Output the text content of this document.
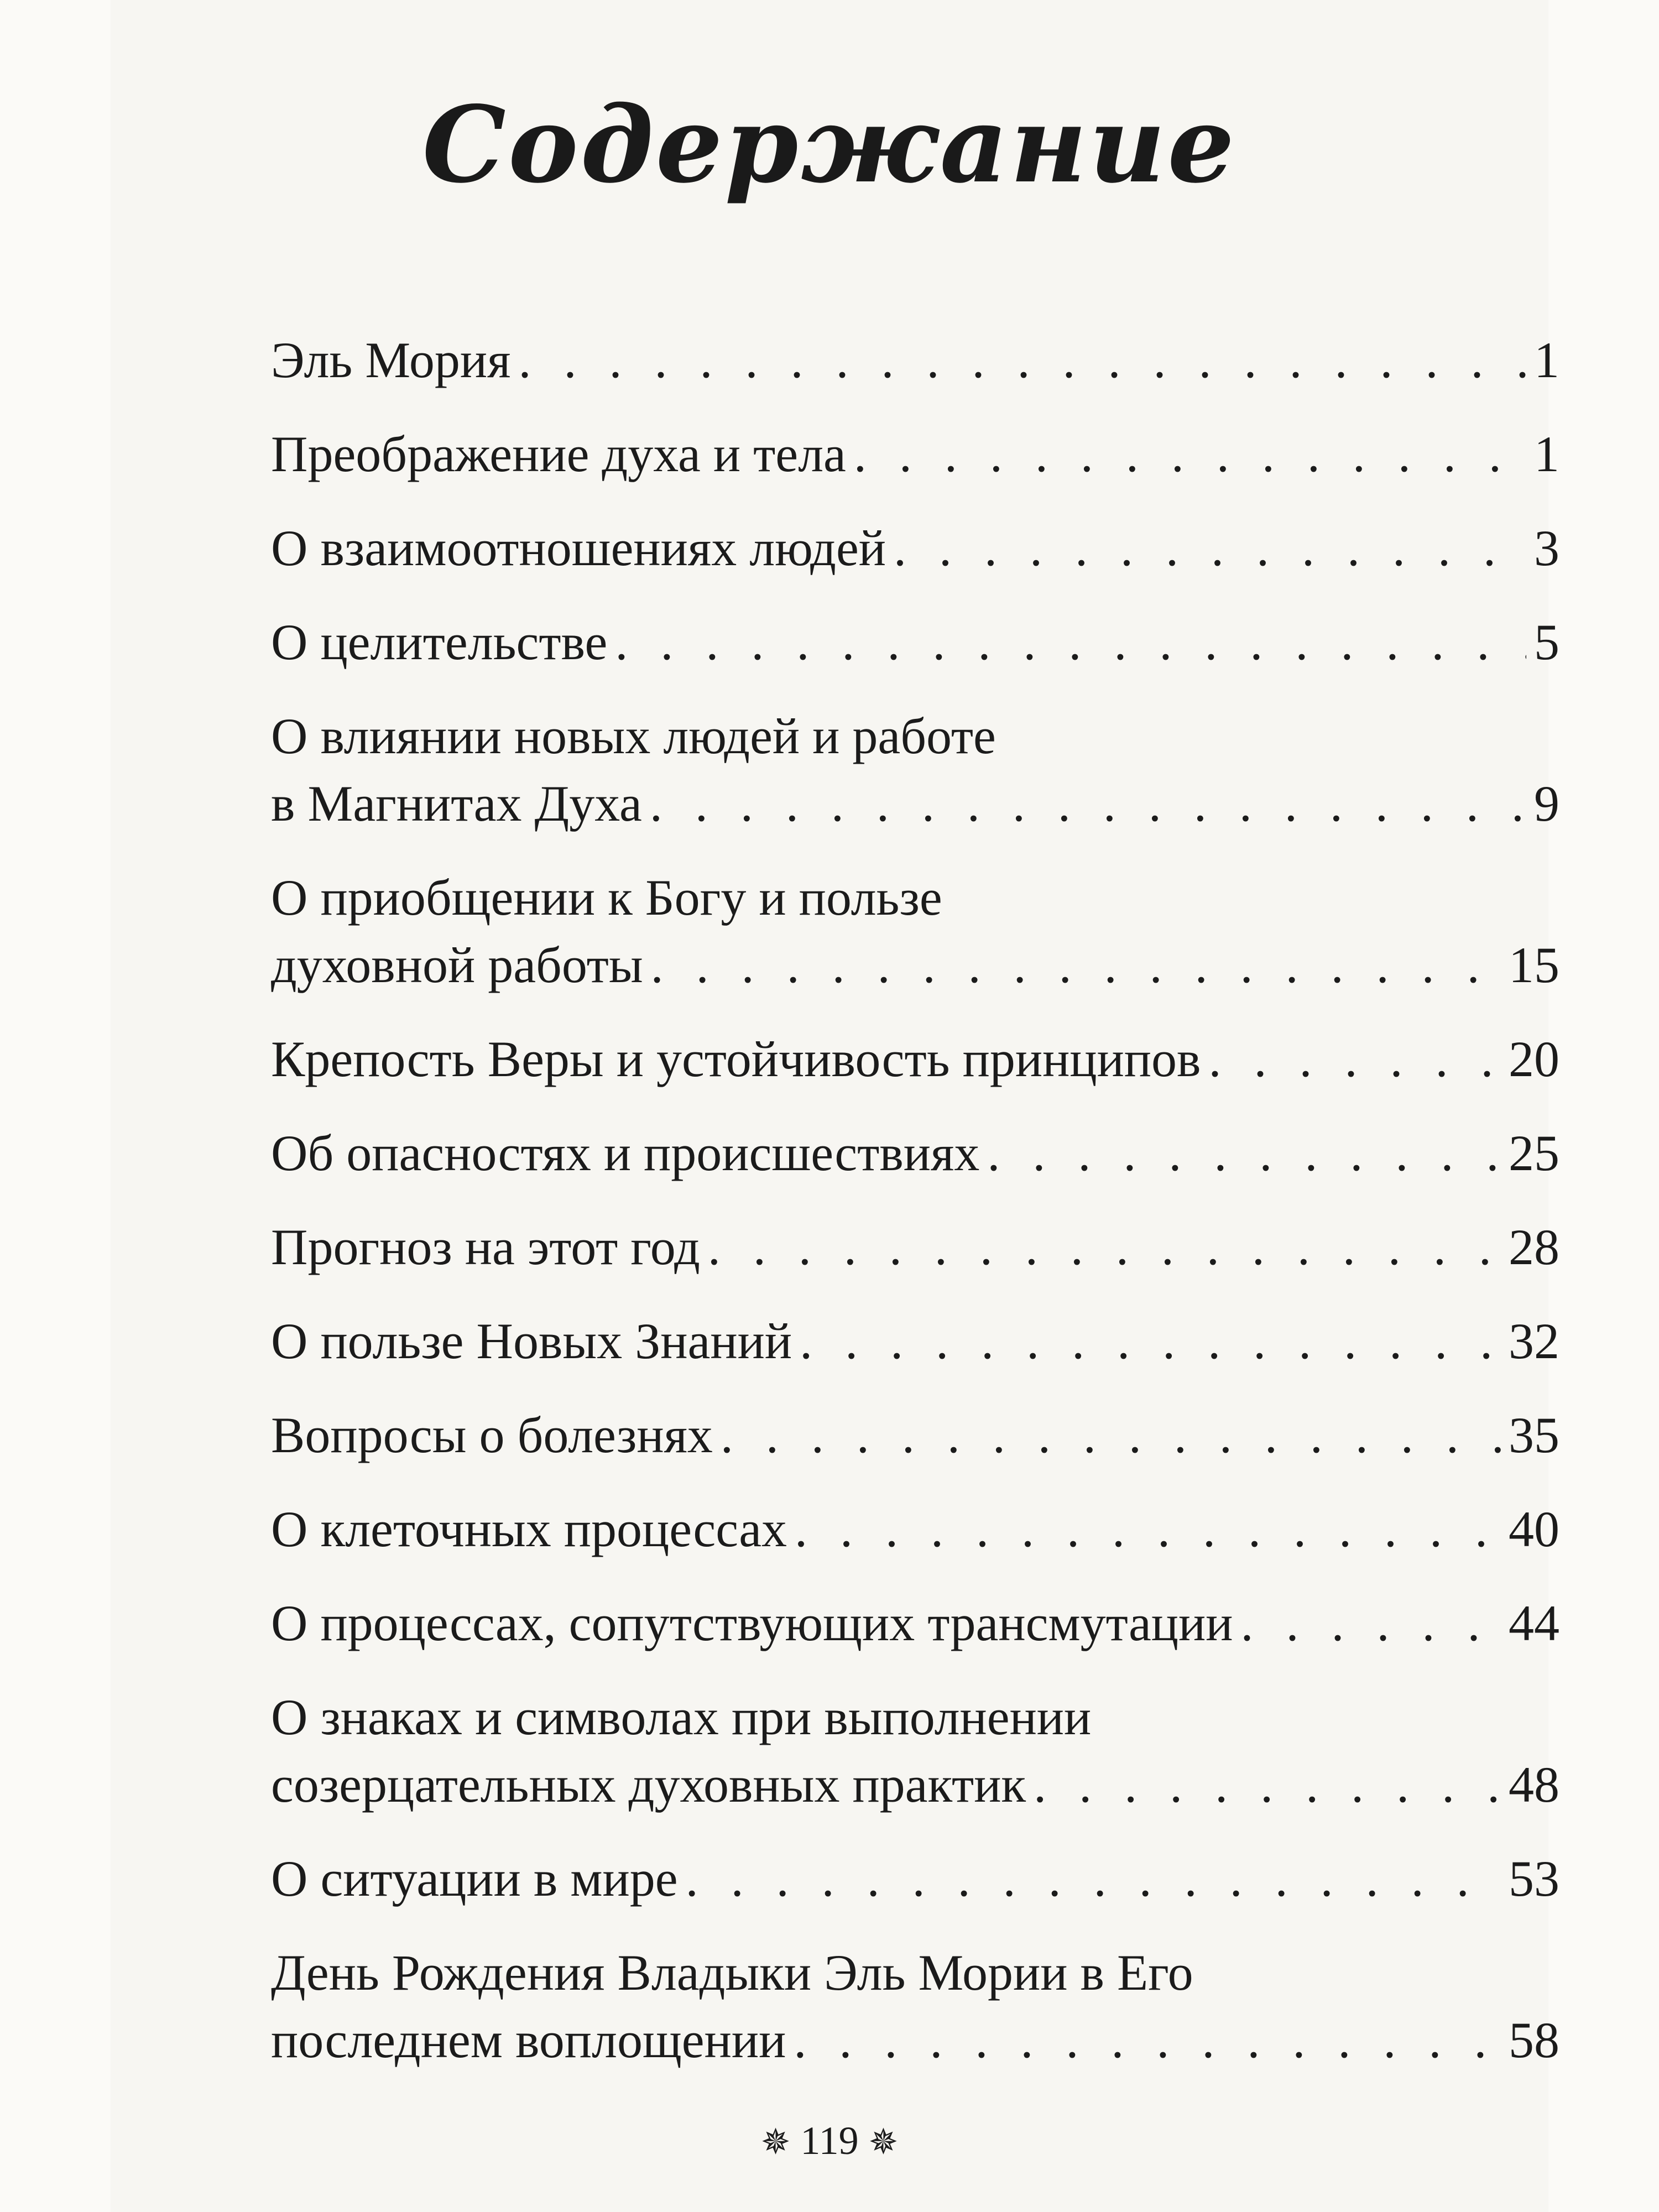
Содержание
Эль Мория . . .	1
Преображение духа и тела . . .	1
О взаимоотношениях людей . . .	3
О целительстве . . .	5
О влиянии новых людей и работе
в Магнитах Духа . . .	9
О приобщении к Богу и пользе
духовной работы . . .	15
Крепость Веры и устойчивость принципов . . .	20
Об опасностях и происшествиях . . .	25
Прогноз на этот год . . .	28
О пользе Новых Знаний . . .	32
Вопросы о болезнях . . .	35
О клеточных процессах . . .	40
О процессах, сопутствующих трансмутации . . .	44
О знаках и символах при выполнении
созерцательных духовных практик . . .	48
О ситуации в мире . . .	53
День Рождения Владыки Эль Мории в Его
последнем воплощении . . .	58
✵ 119 ✵
